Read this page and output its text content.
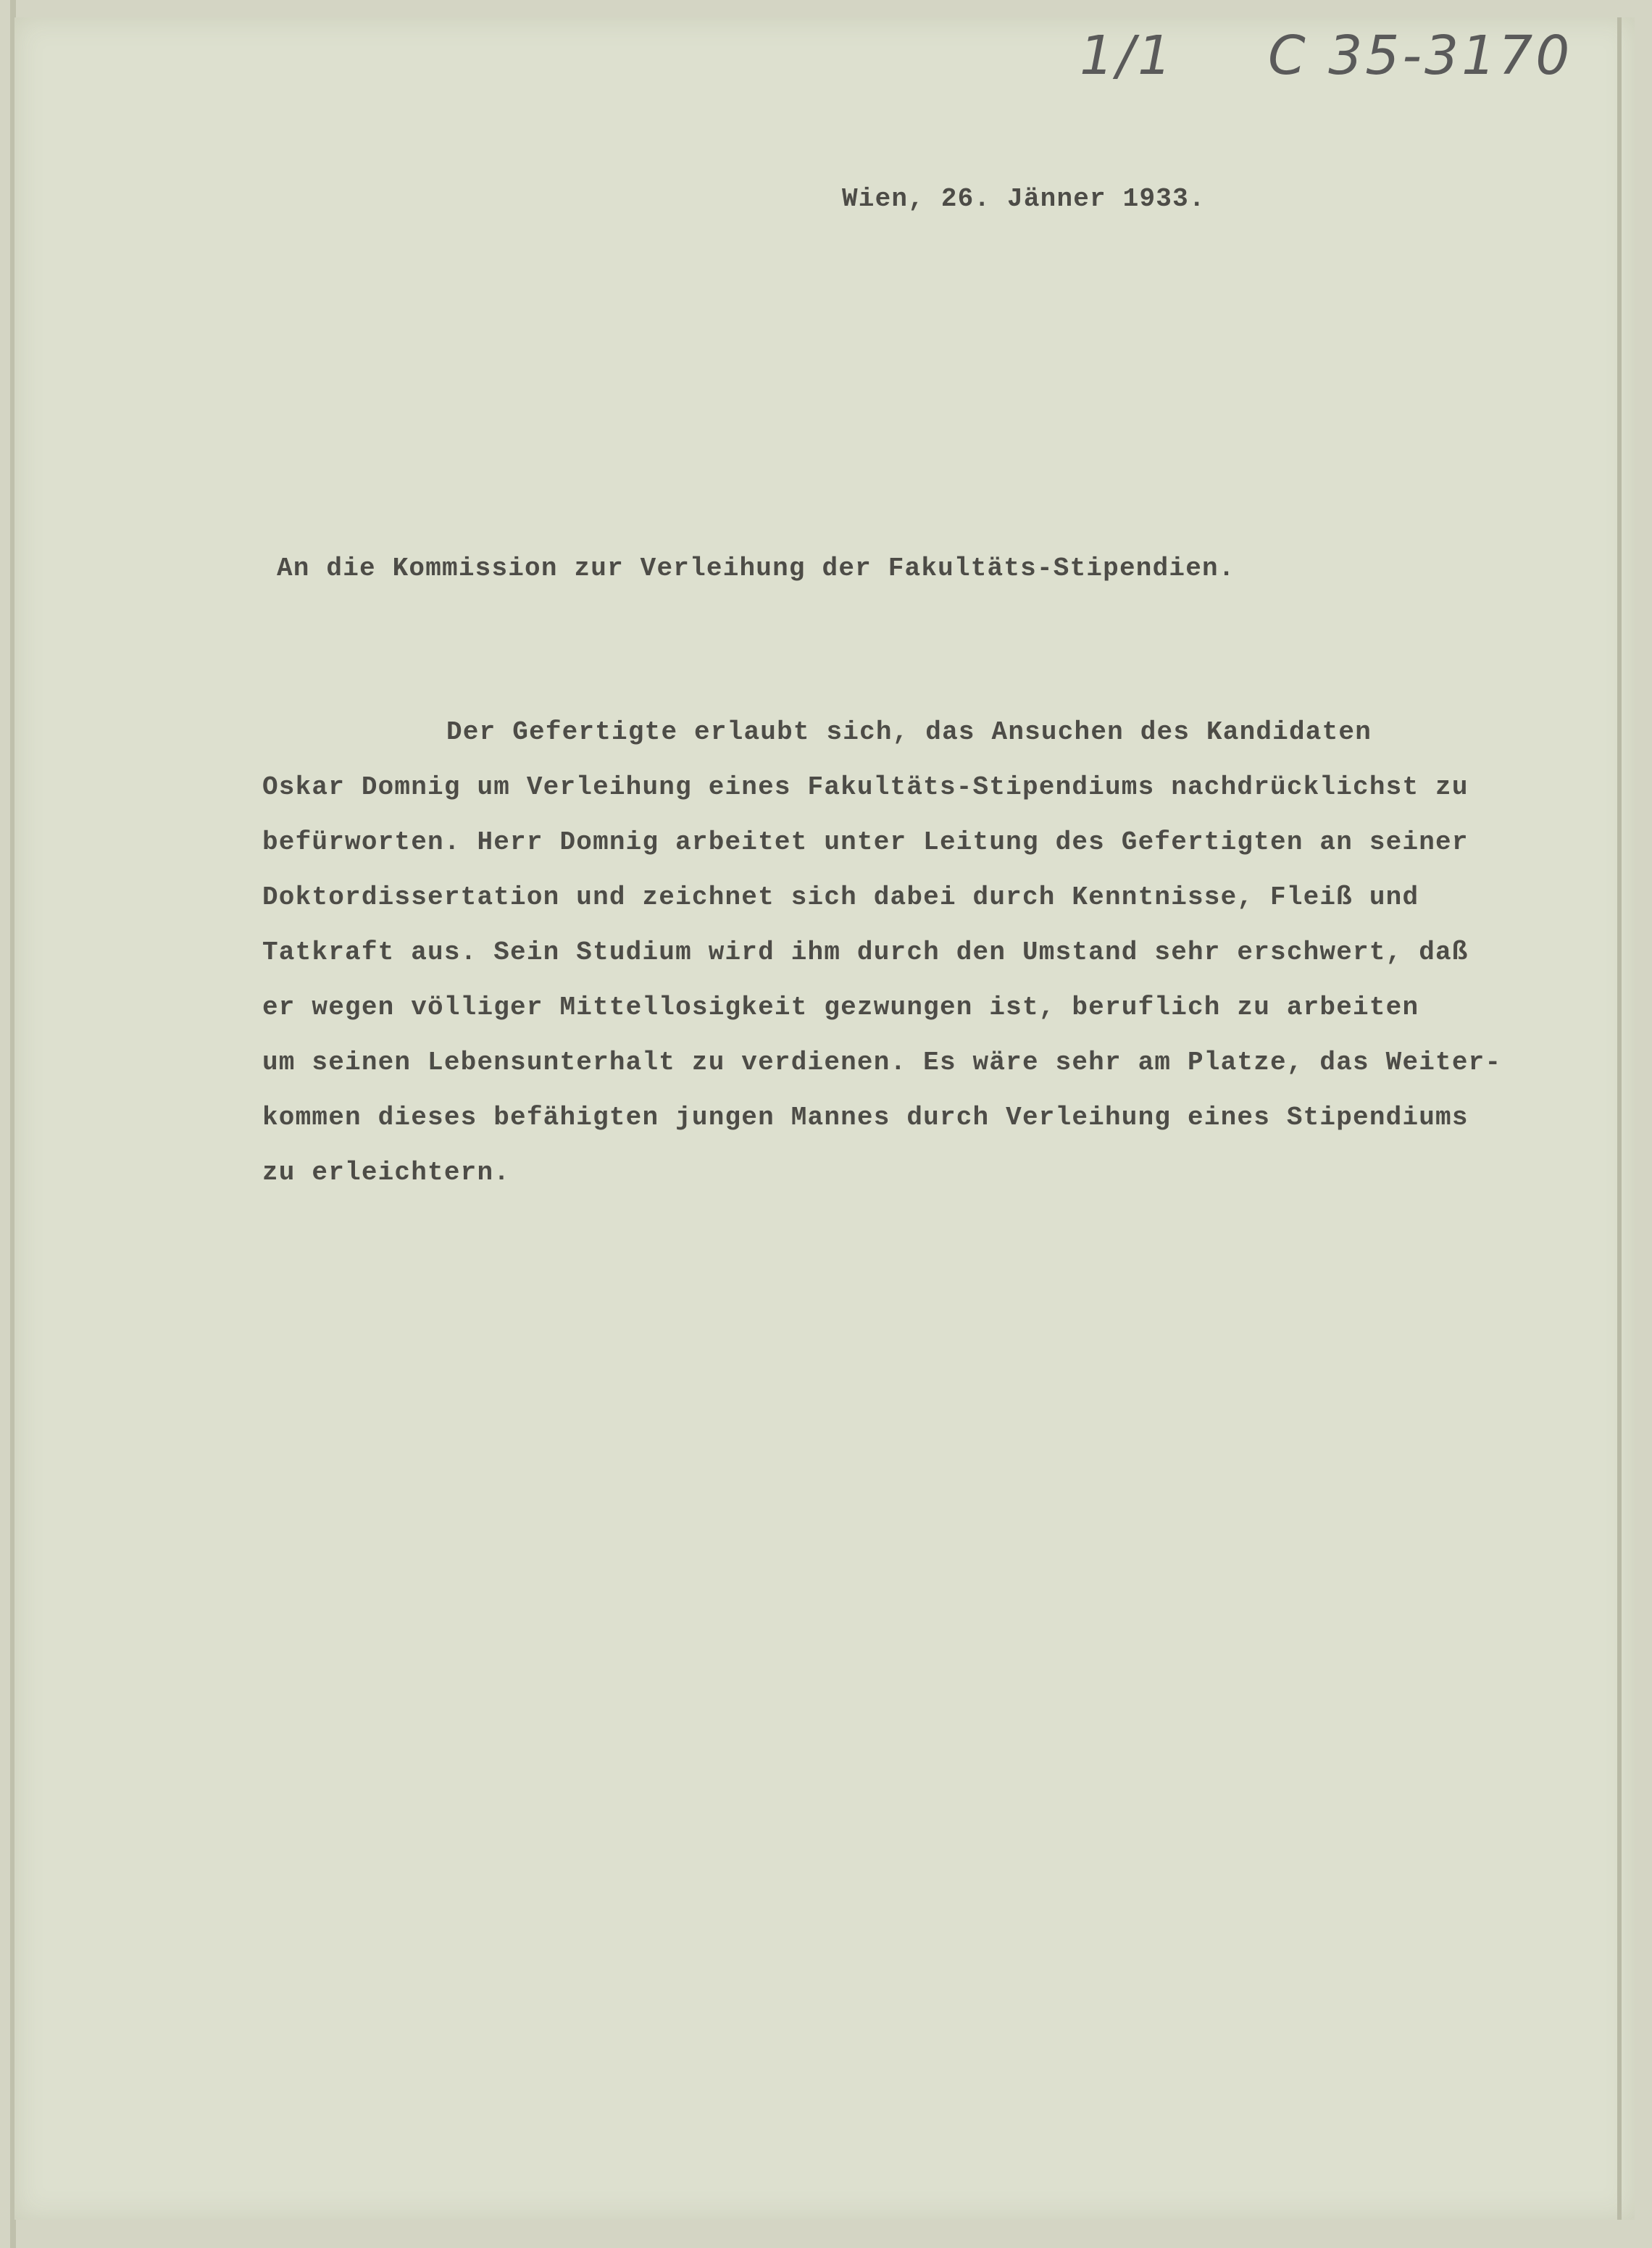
1/1 C 35-3170
Wien, 26. Jänner 1933.
An die Kommission zur Verleihung der Fakultäts-Stipendien.
Der Gefertigte erlaubt sich, das Ansuchen des Kandidaten
Oskar Domnig um Verleihung eines Fakultäts-Stipendiums nachdrücklichst zu
befürworten. Herr Domnig arbeitet unter Leitung des Gefertigten an seiner
Doktordissertation und zeichnet sich dabei durch Kenntnisse, Fleiß und
Tatkraft aus. Sein Studium wird ihm durch den Umstand sehr erschwert, daß
er wegen völliger Mittellosigkeit gezwungen ist, beruflich zu arbeiten
um seinen Lebensunterhalt zu verdienen. Es wäre sehr am Platze, das Weiter-
kommen dieses befähigten jungen Mannes durch Verleihung eines Stipendiums
zu erleichtern.
